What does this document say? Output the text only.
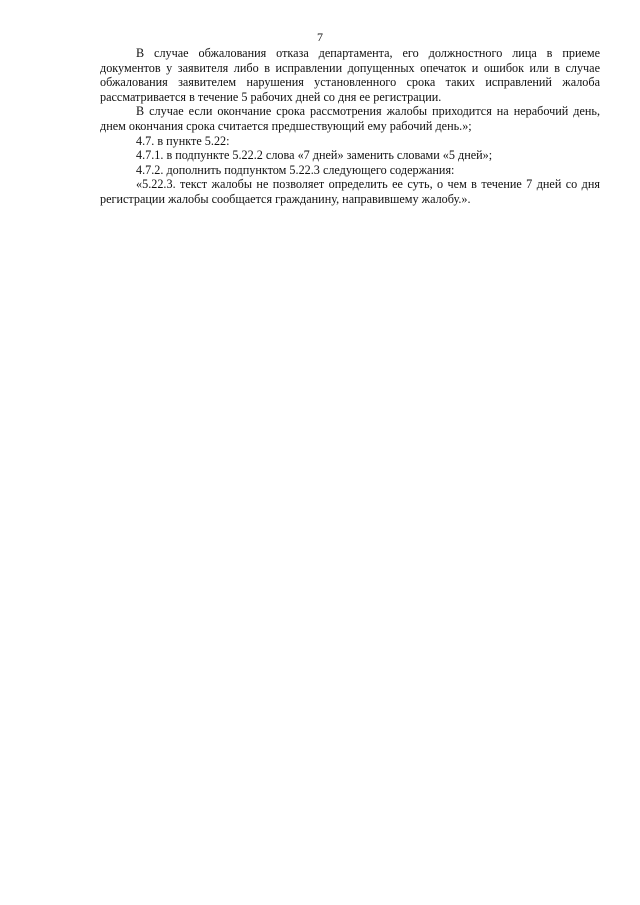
7

В случае обжалования отказа департамента, его должностного лица в приеме документов у заявителя либо в исправлении допущенных опечаток и ошибок или в случае обжалования заявителем нарушения установленного срока таких исправлений жалоба рассматривается в течение 5 рабочих дней со дня ее регистрации.

В случае если окончание срока рассмотрения жалобы приходится на нерабочий день, днем окончания срока считается предшествующий ему рабочий день.»;

4.7. в пункте 5.22:

4.7.1. в подпункте 5.22.2 слова «7 дней» заменить словами «5 дней»;

4.7.2. дополнить подпунктом 5.22.3 следующего содержания:

«5.22.3. текст жалобы не позволяет определить ее суть, о чем в течение 7 дней со дня регистрации жалобы сообщается гражданину, направившему жалобу.».
